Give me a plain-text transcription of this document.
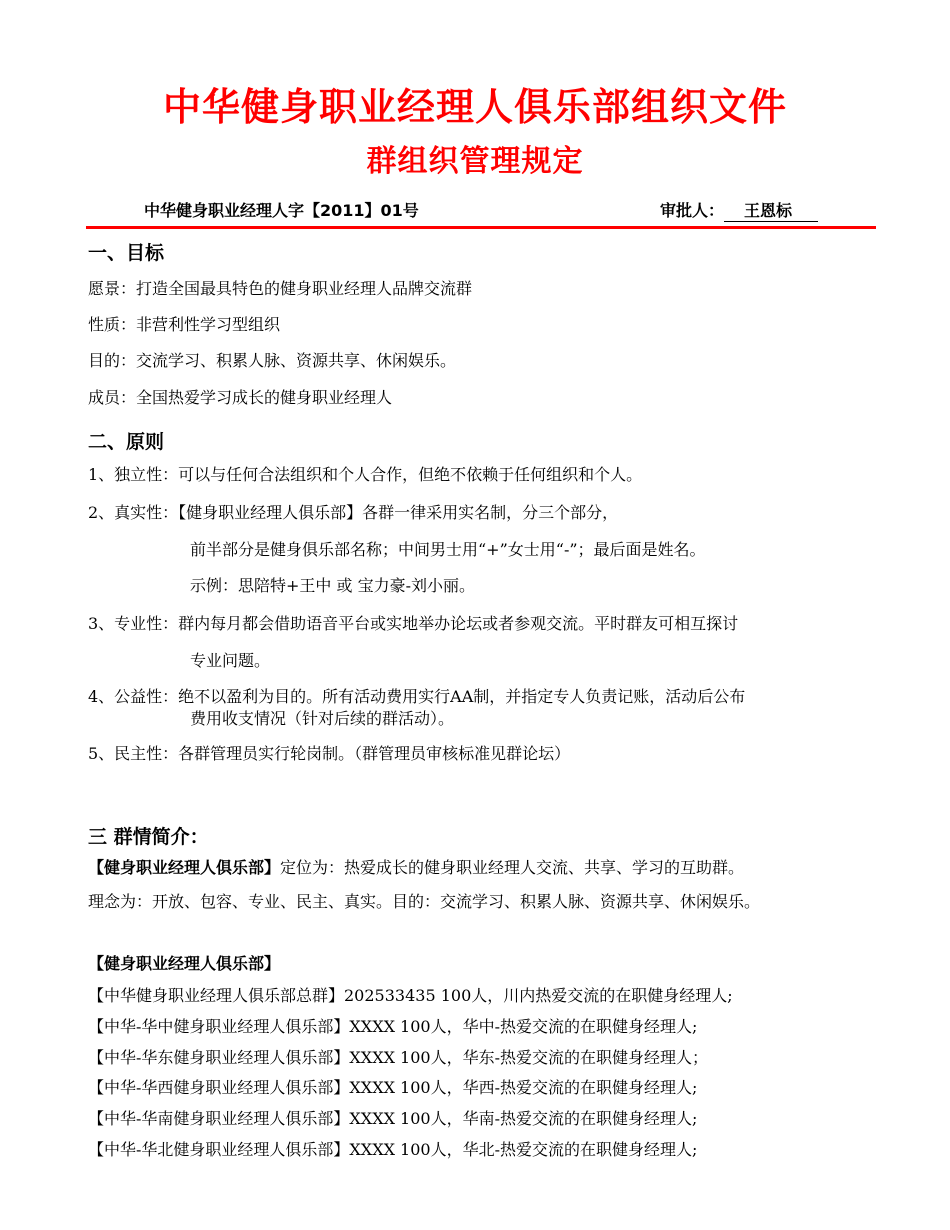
中华健身职业经理人俱乐部组织文件
群组织管理规定
中华健身职业经理人字【2011】01号	审批人： 王恩标
一、目标
愿景：打造全国最具特色的健身职业经理人品牌交流群
性质：非营利性学习型组织
目的：交流学习、积累人脉、资源共享、休闲娱乐。
成员：全国热爱学习成长的健身职业经理人
二、原则
1、独立性：可以与任何合法组织和个人合作，但绝不依赖于任何组织和个人。
2、真实性：【健身职业经理人俱乐部】各群一律采用实名制，分三个部分，
前半部分是健身俱乐部名称；中间男士用“+”女士用“-”；最后面是姓名。
示例：思陪特+王中 或 宝力豪-刘小丽。
3、专业性：群内每月都会借助语音平台或实地举办论坛或者参观交流。平时群友可相互探讨
专业问题。
4、公益性：绝不以盈利为目的。所有活动费用实行AA制，并指定专人负责记账，活动后公布
费用收支情况（针对后续的群活动）。
5、民主性：各群管理员实行轮岗制。（群管理员审核标准见群论坛）
三 群情简介：
【健身职业经理人俱乐部】定位为：热爱成长的健身职业经理人交流、共享、学习的互助群。
理念为：开放、包容、专业、民主、真实。目的：交流学习、积累人脉、资源共享、休闲娱乐。
【健身职业经理人俱乐部】
【中华健身职业经理人俱乐部总群】202533435 100人，川内热爱交流的在职健身经理人;
【中华-华中健身职业经理人俱乐部】XXXX 100人，华中-热爱交流的在职健身经理人;
【中华-华东健身职业经理人俱乐部】XXXX 100人，华东-热爱交流的在职健身经理人；
【中华-华西健身职业经理人俱乐部】XXXX 100人，华西-热爱交流的在职健身经理人;
【中华-华南健身职业经理人俱乐部】XXXX 100人，华南-热爱交流的在职健身经理人;
【中华-华北健身职业经理人俱乐部】XXXX 100人，华北-热爱交流的在职健身经理人;
